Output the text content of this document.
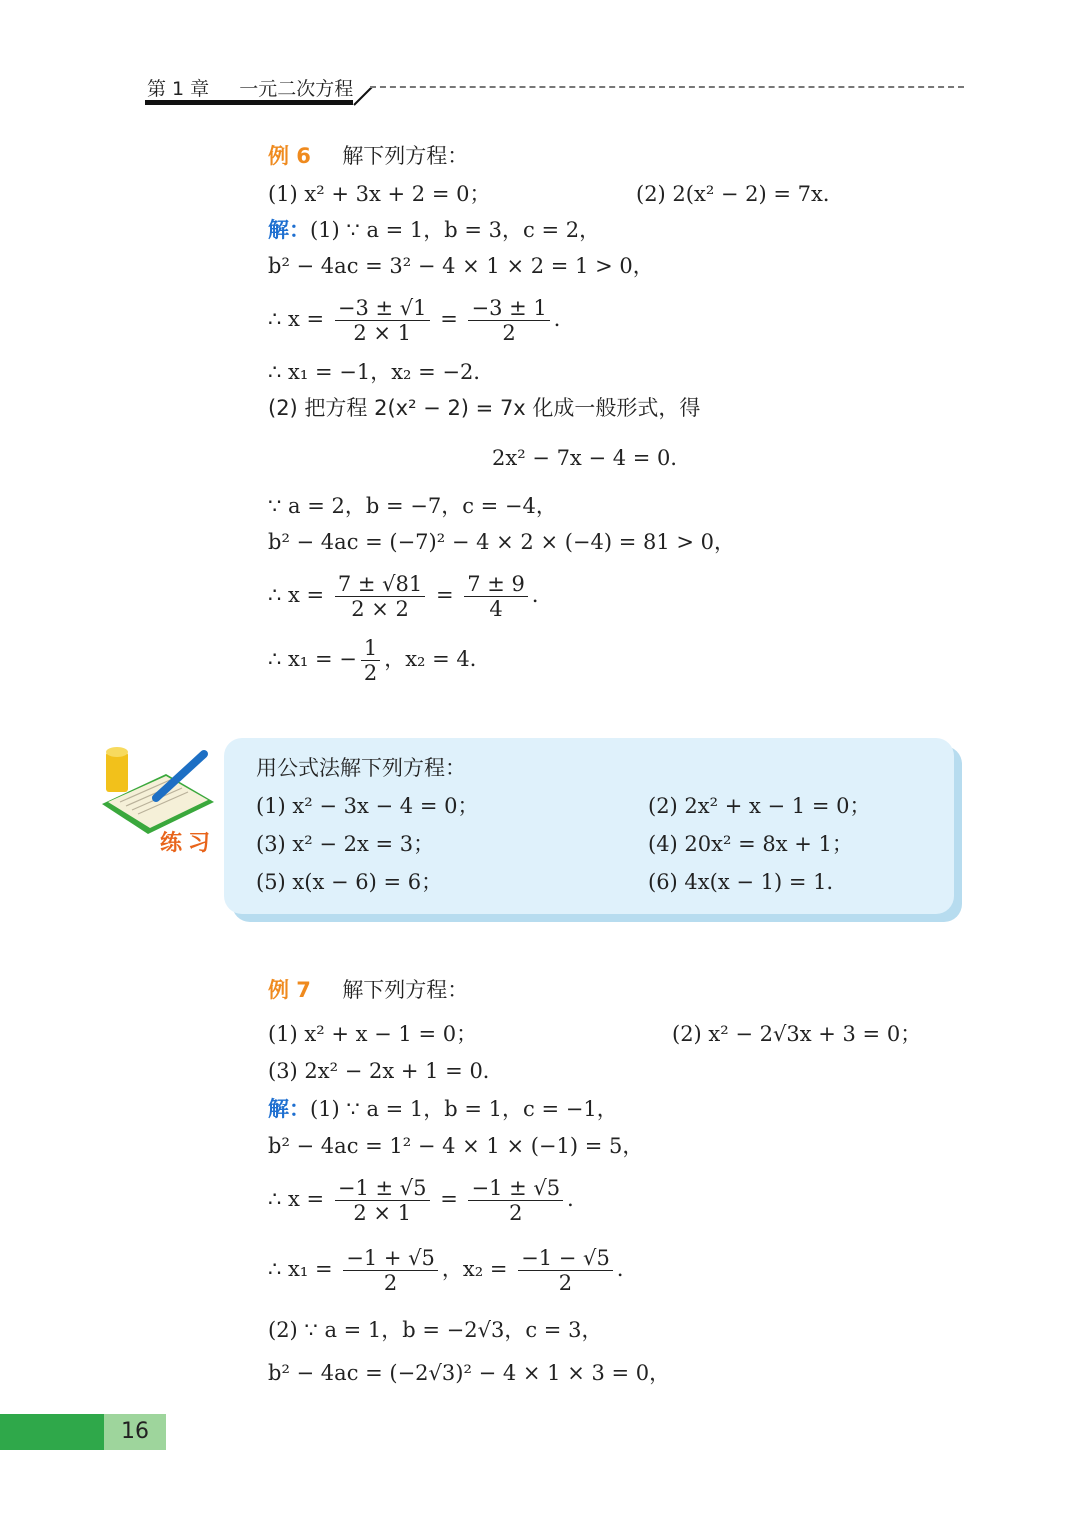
第 1 章 一元二次方程
例 6 解下列方程：
(1) x² + 3x + 2 = 0；	(2) 2(x² − 2) = 7x．
解：(1) ∵ a = 1，b = 3，c = 2，
b² − 4ac = 3² − 4 × 1 × 2 = 1 > 0，
∴ $x = \frac{-3 \pm √1}{2 \times 1} = \frac{-3 \pm 1}{2}$ ．
∴ x₁ = −1，x₂ = −2．
(2) 把方程 2(x² − 2) = 7x 化成一般形式，得
2x² − 7x − 4 = 0．
∵ a = 2，b = −7，c = −4，
b² − 4ac = (−7)² − 4 × 2 × (−4) = 81 > 0，
∴ $x = \frac{7 \pm √81}{2 \times 2} = \frac{7 \pm 9}{4}$ ．
∴ x₁ = − $\frac{1}{2}$ ，x₂ = 4．
练习
用公式法解下列方程：
(1) x² − 3x − 4 = 0；	(2) 2x² + x − 1 = 0；
(3) x² − 2x = 3；	(4) 20x² = 8x + 1；
(5) x(x − 6) = 6；	(6) 4x(x − 1) = 1．
例 7 解下列方程：
(1) x² + x − 1 = 0；	(2) x² − 2√3x + 3 = 0；
(3) 2x² − 2x + 1 = 0．
解：(1) ∵ a = 1，b = 1，c = −1，
b² − 4ac = 1² − 4 × 1 × (−1) = 5，
∴ $x = \frac{-1 \pm √5}{2 \times 1} = \frac{-1 \pm √5}{2}$ ．
∴ $x_1 = \frac{-1 + √5}{2}$ ，$x_2 = \frac{-1 - √5}{2}$ ．
(2) ∵ a = 1，b = −2√3，c = 3，
b² − 4ac = (−2√3)² − 4 × 1 × 3 = 0，
16
